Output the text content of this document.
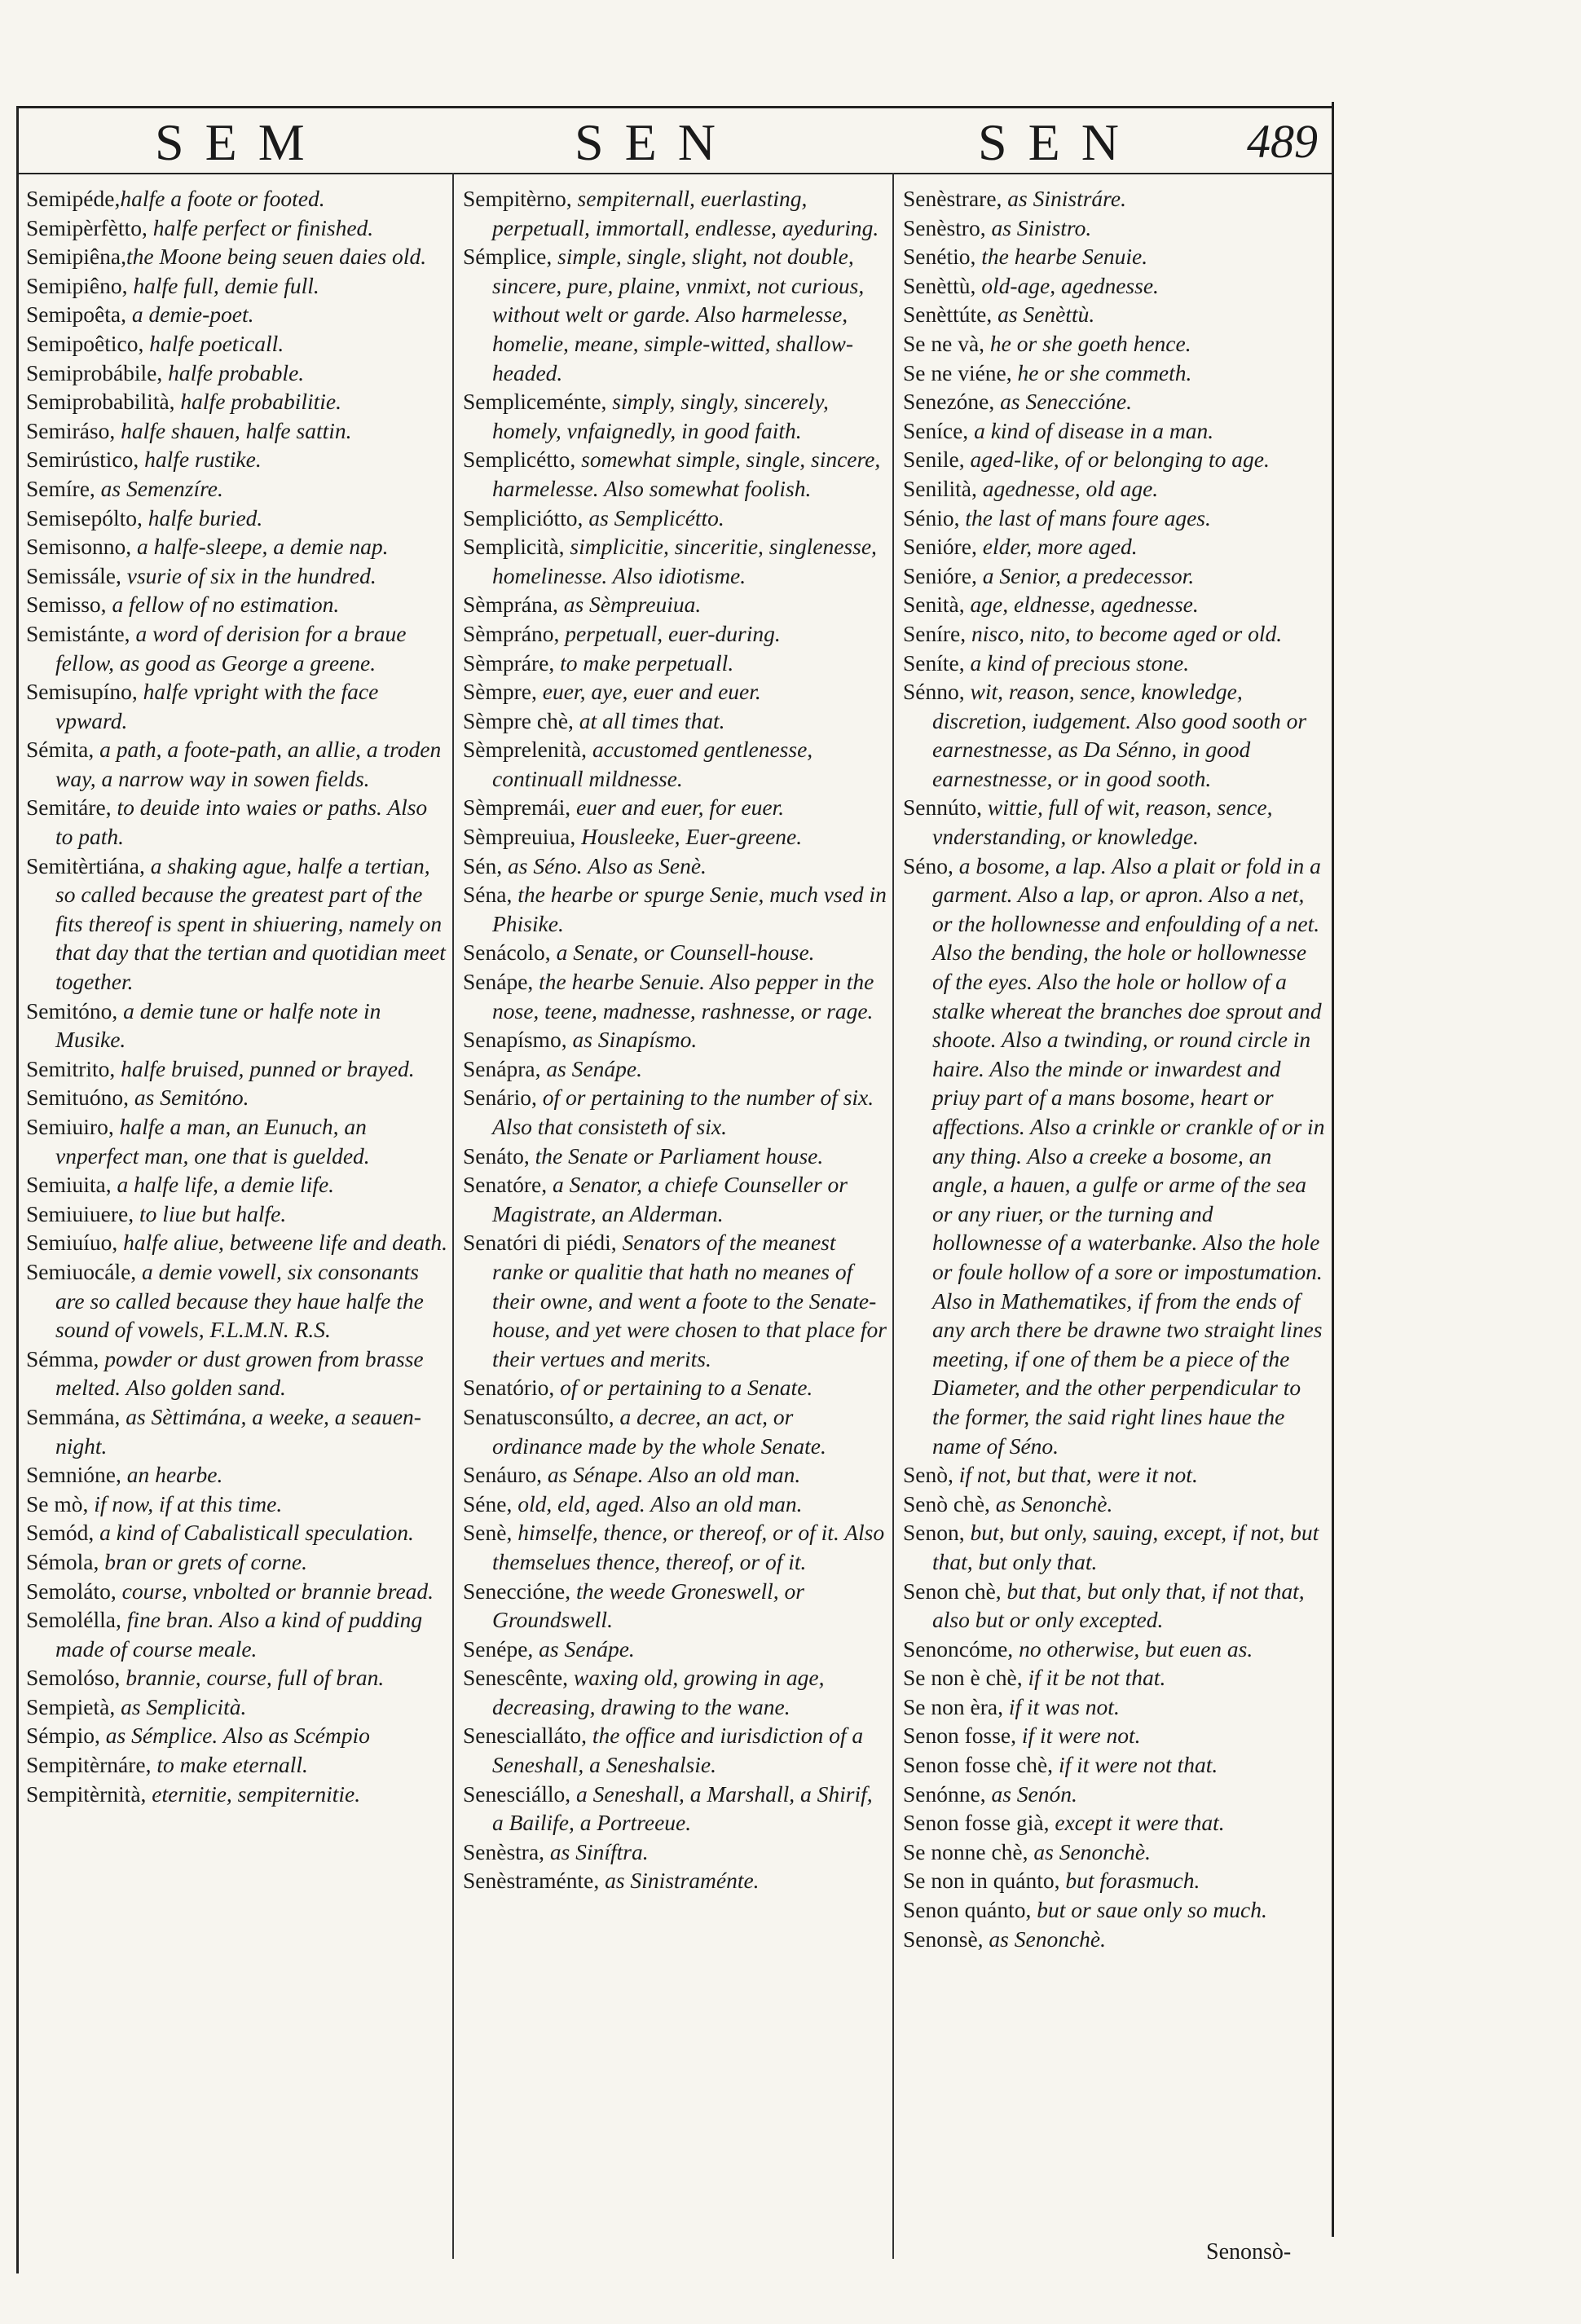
SEM	SEN	SEN 489

Semipéde,halfe a foote or footed.

Semipèrfètto, halfe perfect or finished.

Semipiêna,the Moone being seuen daies old.

Semipiêno, halfe full, demie full.

Semipoêta, a demie-poet.

Semipoêtico, halfe poeticall.

Semiprobábile, halfe probable.

Semiprobabilità, halfe probabilitie.

Semiráso, halfe shauen, halfe sattin.

Semirústico, halfe rustike.

Semíre, as Semenzíre.

Semisepólto, halfe buried.

Semisonno, a halfe-sleepe, a demie nap.

Semissále, vsurie of six in the hundred.

Semisso, a fellow of no estimation.

Semistánte, a word of derision for a braue fellow, as good as George a greene.

Semisupíno, halfe vpright with the face vpward.

Sémita, a path, a foote-path, an allie, a troden way, a narrow way in sowen fields.

Semitáre, to deuide into waies or paths. Also to path.

Semitèrtiána, a shaking ague, halfe a tertian, so called because the greatest part of the fits thereof is spent in shiuering, namely on that day that the tertian and quotidian meet together.

Semitóno, a demie tune or halfe note in Musike.

Semitrito, halfe bruised, punned or brayed.

Semituóno, as Semitóno.

Semiuiro, halfe a man, an Eunuch, an vnperfect man, one that is guelded.

Semiuita, a halfe life, a demie life.

Semiuiuere, to liue but halfe.

Semiuíuo, halfe aliue, betweene life and death.

Semiuocále, a demie vowell, six consonants are so called because they haue halfe the sound of vowels, F.L.M.N. R.S.

Sémma, powder or dust growen from brasse melted. Also golden sand.

Semmána, as Sèttimána, a weeke, a seauen-night.

Semnióne, an hearbe.

Se mò, if now, if at this time.

Semód, a kind of Cabalisticall speculation.

Sémola, bran or grets of corne.

Semoláto, course, vnbolted or brannie bread.

Semolélla, fine bran. Also a kind of pudding made of course meale.

Semolóso, brannie, course, full of bran.

Sempietà, as Semplicità.

Sémpio, as Sémplice. Also as Scémpio

Sempitèrnáre, to make eternall.

Sempitèrnità, eternitie, sempiternitie.

Sempitèrno, sempiternall, euerlasting, perpetuall, immortall, endlesse, ayeduring.

Sémplice, simple, single, slight, not double, sincere, pure, plaine, vnmixt, not curious, without welt or garde. Also harmelesse, homelie, meane, simple-witted, shallow-headed.

Sempliceménte, simply, singly, sincerely, homely, vnfaignedly, in good faith.

Semplicétto, somewhat simple, single, sincere, harmelesse. Also somewhat foolish.

Sempliciótto, as Semplicétto.

Semplicità, simplicitie, sinceritie, singlenesse, homelinesse. Also idiotisme.

Sèmprána, as Sèmpreuiua.

Sèmpráno, perpetuall, euer-during.

Sèmpráre, to make perpetuall.

Sèmpre, euer, aye, euer and euer.

Sèmpre chè, at all times that.

Sèmprelenità, accustomed gentlenesse, continuall mildnesse.

Sèmpremái, euer and euer, for euer.

Sèmpreuiua, Housleeke, Euer-greene.

Sén, as Séno. Also as Senè.

Séna, the hearbe or spurge Senie, much vsed in Phisike.

Senácolo, a Senate, or Counsell-house.

Senápe, the hearbe Senuie. Also pepper in the nose, teene, madnesse, rashnesse, or rage.

Senapísmo, as Sinapísmo.

Senápra, as Senápe.

Senário, of or pertaining to the number of six. Also that consisteth of six.

Senáto, the Senate or Parliament house.

Senatóre, a Senator, a chiefe Counseller or Magistrate, an Alderman.

Senatóri di piédi, Senators of the meanest ranke or qualitie that hath no meanes of their owne, and went a foote to the Senate-house, and yet were chosen to that place for their vertues and merits.

Senatório, of or pertaining to a Senate.

Senatusconsúlto, a decree, an act, or ordinance made by the whole Senate.

Senáuro, as Sénape. Also an old man.

Séne, old, eld, aged. Also an old man.

Senè, himselfe, thence, or thereof, or of it. Also themselues thence, thereof, or of it.

Seneccióne, the weede Groneswell, or Groundswell.

Senépe, as Senápe.

Senescênte, waxing old, growing in age, decreasing, drawing to the wane.

Senescialláto, the office and iurisdiction of a Seneshall, a Seneshalsie.

Senesciállo, a Seneshall, a Marshall, a Shirif, a Bailife, a Portreeue.

Senèstra, as Siníftra.

Senèstraménte, as Sinistraménte.

Senèstrare, as Sinistráre.

Senèstro, as Sinistro.

Senétio, the hearbe Senuie.

Senèttù, old-age, agednesse.

Senèttúte, as Senèttù.

Se ne và, he or she goeth hence.

Se ne viéne, he or she commeth.

Senezóne, as Seneccióne.

Seníce, a kind of disease in a man.

Senile, aged-like, of or belonging to age.

Senilità, agednesse, old age.

Sénio, the last of mans foure ages.

Senióre, elder, more aged.

Senióre, a Senior, a predecessor.

Senità, age, eldnesse, agednesse.

Seníre, nisco, nito, to become aged or old.

Seníte, a kind of precious stone.

Sénno, wit, reason, sence, knowledge, discretion, iudgement. Also good sooth or earnestnesse, as Da Sénno, in good earnestnesse, or in good sooth.

Sennúto, wittie, full of wit, reason, sence, vnderstanding, or knowledge.

Séno, a bosome, a lap. Also a plait or fold in a garment. Also a lap, or apron. Also a net, or the hollownesse and enfoulding of a net. Also the bending, the hole or hollownesse of the eyes. Also the hole or hollow of a stalke whereat the branches doe sprout and shoote. Also a twinding, or round circle in haire. Also the minde or inwardest and priuy part of a mans bosome, heart or affections. Also a crinkle or crankle of or in any thing. Also a creeke a bosome, an angle, a hauen, a gulfe or arme of the sea or any riuer, or the turning and hollownesse of a waterbanke. Also the hole or foule hollow of a sore or impostumation. Also in Mathematikes, if from the ends of any arch there be drawne two straight lines meeting, if one of them be a piece of the Diameter, and the other perpendicular to the former, the said right lines haue the name of Séno.

Senò, if not, but that, were it not.

Senò chè, as Senonchè.

Senon, but, but only, sauing, except, if not, but that, but only that.

Senon chè, but that, but only that, if not that, also but or only excepted.

Senoncóme, no otherwise, but euen as.

Se non è chè, if it be not that.

Se non èra, if it was not.

Senon fosse, if it were not.

Senon fosse chè, if it were not that.

Senónne, as Senón.

Senon fosse già, except it were that.

Se nonne chè, as Senonchè.

Se non in quánto, but forasmuch.

Senon quánto, but or saue only so much.

Senonsè, as Senonchè.

Senonsò-
